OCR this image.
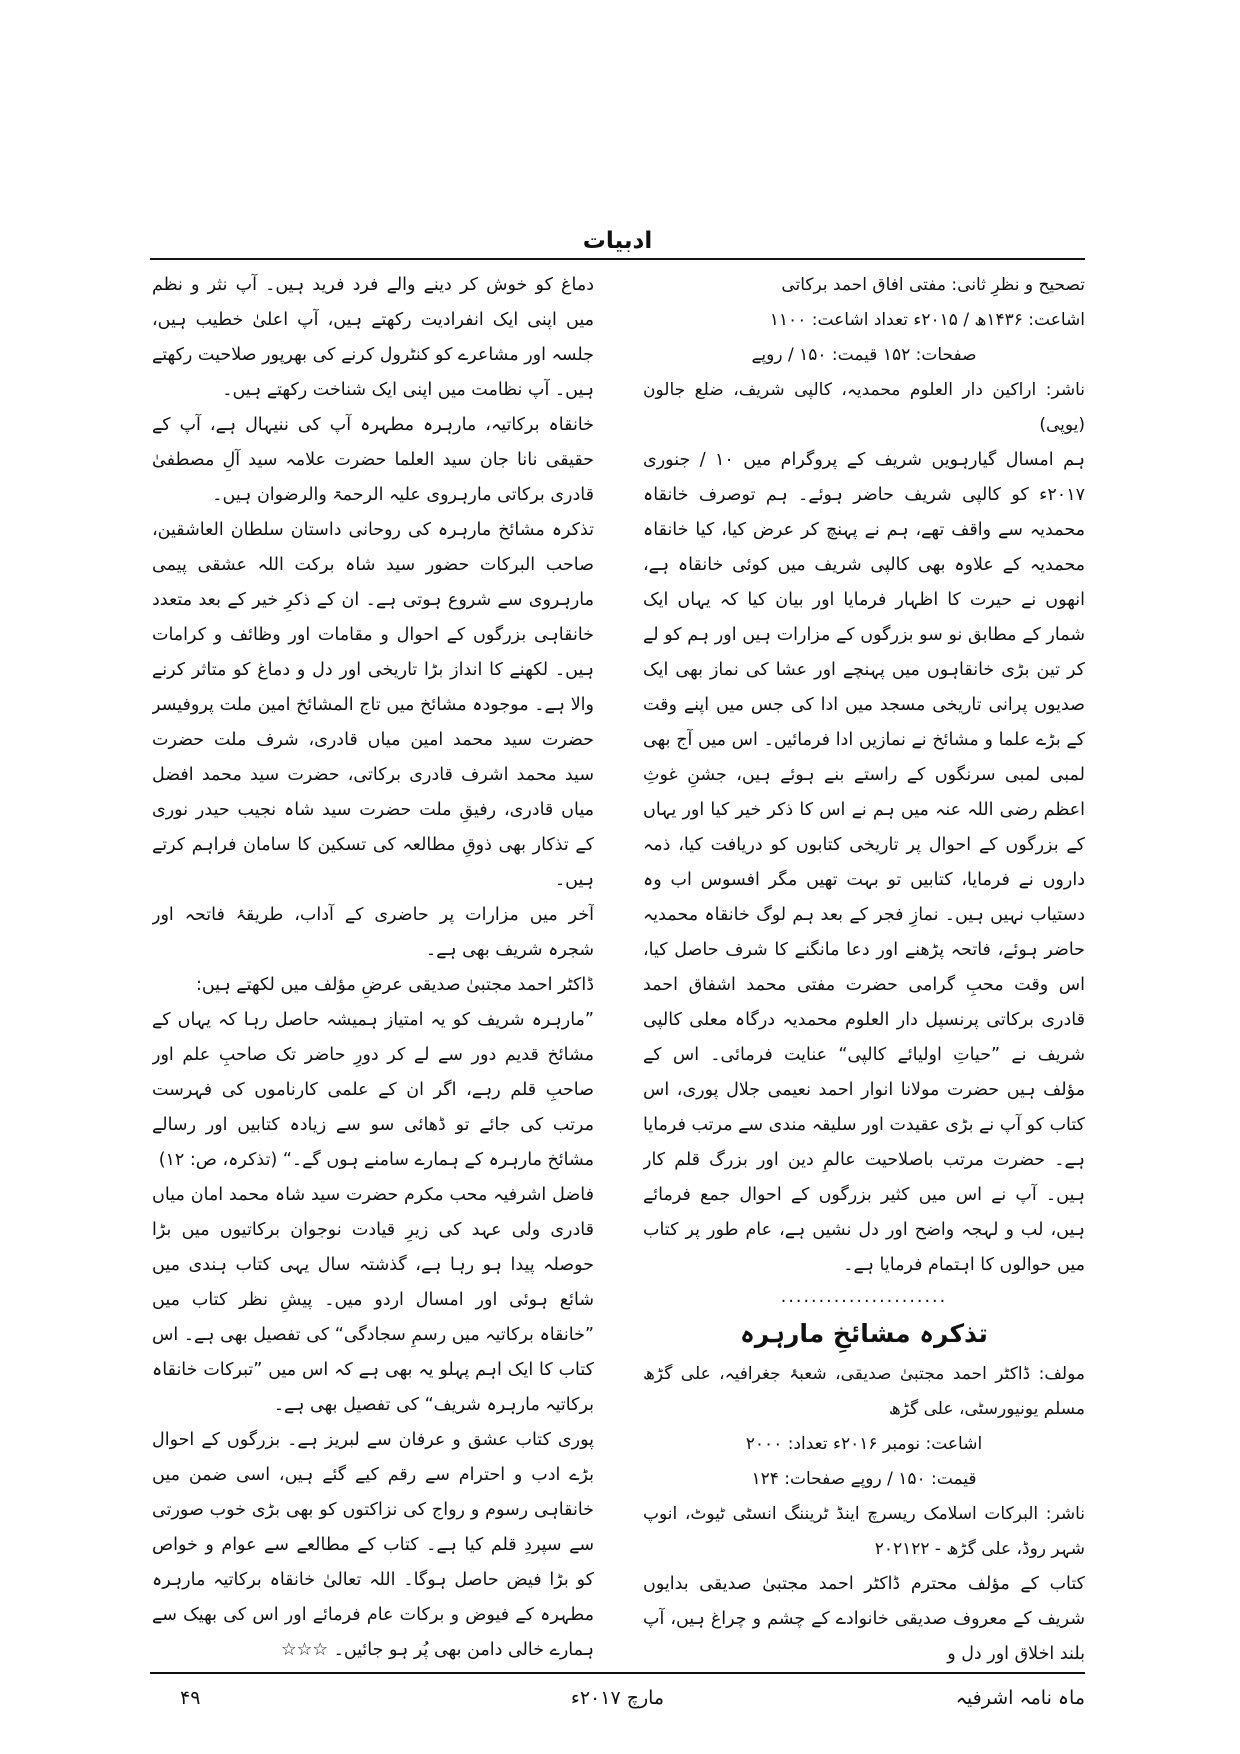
ادبیات

تصحیح و نظرِ ثانی: مفتی افاق احمد برکاتی

اشاعت: ۱۴۳۶ھ / ۲۰۱۵ء تعداد اشاعت: ۱۱۰۰

صفحات: ۱۵۲ قیمت: ۱۵۰ / روپے

ناشر: اراکین دار العلوم محمدیہ، کالپی شریف، ضلع جالون (یوپی)

ہم امسال گیارہویں شریف کے پروگرام میں ۱۰ / جنوری ۲۰۱۷ء کو کالپی شریف حاضر ہوئے۔ ہم توصرف خانقاہ محمدیہ سے واقف تھے، ہم نے پہنچ کر عرض کیا، کیا خانقاہ محمدیہ کے علاوہ بھی کالپی شریف میں کوئی خانقاہ ہے، انھوں نے حیرت کا اظہار فرمایا اور بیان کیا کہ یہاں ایک شمار کے مطابق نو سو بزرگوں کے مزارات ہیں اور ہم کو لے کر تین بڑی خانقاہوں میں پہنچے اور عشا کی نماز بھی ایک صدیوں پرانی تاریخی مسجد میں ادا کی جس میں اپنے وقت کے بڑے علما و مشائخ نے نمازیں ادا فرمائیں۔ اس میں آج بھی لمبی لمبی سرنگوں کے راستے بنے ہوئے ہیں، جشنِ غوثِ اعظم رضی اللہ عنہ میں ہم نے اس کا ذکر خیر کیا اور یہاں کے بزرگوں کے احوال پر تاریخی کتابوں کو دریافت کیا، ذمہ داروں نے فرمایا، کتابیں تو بہت تھیں مگر افسوس اب وہ دستیاب نہیں ہیں۔ نمازِ فجر کے بعد ہم لوگ خانقاہ محمدیہ حاضر ہوئے، فاتحہ پڑھنے اور دعا مانگنے کا شرف حاصل کیا، اس وقت محبِ گرامی حضرت مفتی محمد اشفاق احمد قادری برکاتی پرنسپل دار العلوم محمدیہ درگاہ معلی کالپی شریف نے ”حیاتِ اولیائے کالپی“ عنایت فرمائی۔ اس کے مؤلف ہیں حضرت مولانا انوار احمد نعیمی جلال پوری، اس کتاب کو آپ نے بڑی عقیدت اور سلیقہ مندی سے مرتب فرمایا ہے۔ حضرت مرتب باصلاحیت عالمِ دین اور بزرگ قلم کار ہیں۔ آپ نے اس میں کثیر بزرگوں کے احوال جمع فرمائے ہیں، لب و لہجہ واضح اور دل نشیں ہے، عام طور پر کتاب میں حوالوں کا اہتمام فرمایا ہے۔

......................

تذکرہ مشائخِ مارہرہ

مولف: ڈاکٹر احمد مجتبیٰ صدیقی، شعبۂ جغرافیہ، علی گڑھ مسلم یونیورسٹی، علی گڑھ

اشاعت: نومبر ۲۰۱۶ء تعداد: ۲۰۰۰

قیمت: ۱۵۰ / روپے صفحات: ۱۲۴

ناشر: البرکات اسلامک ریسرچ اینڈ ٹریننگ انسٹی ٹیوٹ، انوپ شہر روڈ، علی گڑھ - ۲۰۲۱۲۲

کتاب کے مؤلف محترم ڈاکٹر احمد مجتبیٰ صدیقی بدایوں شریف کے معروف صدیقی خانوادے کے چشم و چراغ ہیں، آپ بلند اخلاق اور دل و

دماغ کو خوش کر دینے والے فرد فرید ہیں۔ آپ نثر و نظم میں اپنی ایک انفرادیت رکھتے ہیں، آپ اعلیٰ خطیب ہیں، جلسہ اور مشاعرے کو کنٹرول کرنے کی بھرپور صلاحیت رکھتے ہیں۔ آپ نظامت میں اپنی ایک شناخت رکھتے ہیں۔

خانقاہ برکاتیہ، مارہرہ مطہرہ آپ کی ننیہال ہے، آپ کے حقیقی نانا جان سید العلما حضرت علامہ سید آلِ مصطفیٰ قادری برکاتی مارہروی علیہ الرحمۃ والرضوان ہیں۔

تذکرہ مشائخ مارہرہ کی روحانی داستان سلطان العاشقین، صاحب البرکات حضور سید شاہ برکت اللہ عشقی پیمی مارہروی سے شروع ہوتی ہے۔ ان کے ذکرِ خیر کے بعد متعدد خانقاہی بزرگوں کے احوال و مقامات اور وظائف و کرامات ہیں۔ لکھنے کا انداز بڑا تاریخی اور دل و دماغ کو متاثر کرنے والا ہے۔ موجودہ مشائخ میں تاج المشائخ امین ملت پروفیسر حضرت سید محمد امین میاں قادری، شرف ملت حضرت سید محمد اشرف قادری برکاتی، حضرت سید محمد افضل میاں قادری، رفیقِ ملت حضرت سید شاہ نجیب حیدر نوری کے تذکار بھی ذوقِ مطالعہ کی تسکین کا سامان فراہم کرتے ہیں۔

آخر میں مزارات پر حاضری کے آداب، طریقۂ فاتحہ اور شجرہ شریف بھی ہے۔

ڈاکٹر احمد مجتبیٰ صدیقی عرضِ مؤلف میں لکھتے ہیں:

”مارہرہ شریف کو یہ امتیاز ہمیشہ حاصل رہا کہ یہاں کے مشائخ قدیم دور سے لے کر دورِ حاضر تک صاحبِ علم اور صاحبِ قلم رہے، اگر ان کے علمی کارناموں کی فہرست مرتب کی جائے تو ڈھائی سو سے زیادہ کتابیں اور رسالے مشائخ مارہرہ کے ہمارے سامنے ہوں گے۔“ (تذکرہ، ص: ۱۲)

فاضل اشرفیہ محب مکرم حضرت سید شاہ محمد امان میاں قادری ولی عہد کی زیرِ قیادت نوجوان برکاتیوں میں بڑا حوصلہ پیدا ہو رہا ہے، گذشتہ سال یہی کتاب ہندی میں شائع ہوئی اور امسال اردو میں۔ پیشِ نظر کتاب میں ”خانقاہ برکاتیہ میں رسمِ سجادگی“ کی تفصیل بھی ہے۔ اس کتاب کا ایک اہم پہلو یہ بھی ہے کہ اس میں ”تبرکات خانقاہ برکاتیہ مارہرہ شریف“ کی تفصیل بھی ہے۔

پوری کتاب عشق و عرفان سے لبریز ہے۔ بزرگوں کے احوال بڑے ادب و احترام سے رقم کیے گئے ہیں، اسی ضمن میں خانقاہی رسوم و رواج کی نزاکتوں کو بھی بڑی خوب صورتی سے سپردِ قلم کیا ہے۔ کتاب کے مطالعے سے عوام و خواص کو بڑا فیض حاصل ہوگا۔ اللہ تعالیٰ خانقاہ برکاتیہ مارہرہ مطہرہ کے فیوض و برکات عام فرمائے اور اس کی بھیک سے ہمارے خالی دامن بھی پُر ہو جائیں۔ ☆☆☆

ماہ نامہ اشرفیہ
مارچ ۲۰۱۷ء
۴۹
